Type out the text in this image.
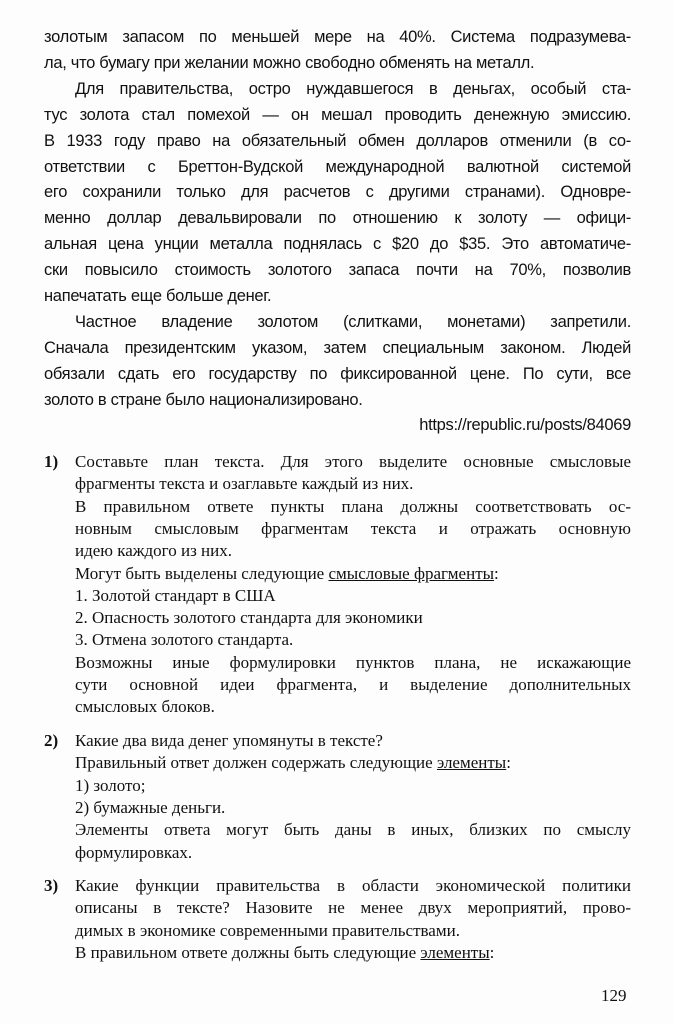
золотым запасом по меньшей мере на 40%. Система подразумева-
ла, что бумагу при желании можно свободно обменять на металл.
Для правительства, остро нуждавшегося в деньгах, особый ста-
тус золота стал помехой — он мешал проводить денежную эмиссию.
В 1933 году право на обязательный обмен долларов отменили (в со-
ответствии с Бреттон-Вудской международной валютной системой
его сохранили только для расчетов с другими странами). Одновре-
менно доллар девальвировали по отношению к золоту — офици-
альная цена унции металла поднялась с $20 до $35. Это автоматиче-
ски повысило стоимость золотого запаса почти на 70%, позволив
напечатать еще больше денег.
Частное владение золотом (слитками, монетами) запретили.
Сначала президентским указом, затем специальным законом. Людей
обязали сдать его государству по фиксированной цене. По сути, все
золото в стране было национализировано.
https://republic.ru/posts/84069
1) Составьте план текста. Для этого выделите основные смысловые
фрагменты текста и озаглавьте каждый из них.
В правильном ответе пункты плана должны соответствовать ос-
новным смысловым фрагментам текста и отражать основную
идею каждого из них.
Могут быть выделены следующие смысловые фрагменты:
1. Золотой стандарт в США
2. Опасность золотого стандарта для экономики
3. Отмена золотого стандарта.
Возможны иные формулировки пунктов плана, не искажающие
сути основной идеи фрагмента, и выделение дополнительных
смысловых блоков.
2) Какие два вида денег упомянуты в тексте?
Правильный ответ должен содержать следующие элементы:
1) золото;
2) бумажные деньги.
Элементы ответа могут быть даны в иных, близких по смыслу
формулировках.
3) Какие функции правительства в области экономической политики
описаны в тексте? Назовите не менее двух мероприятий, прово-
димых в экономике современными правительствами.
В правильном ответе должны быть следующие элементы:
129
